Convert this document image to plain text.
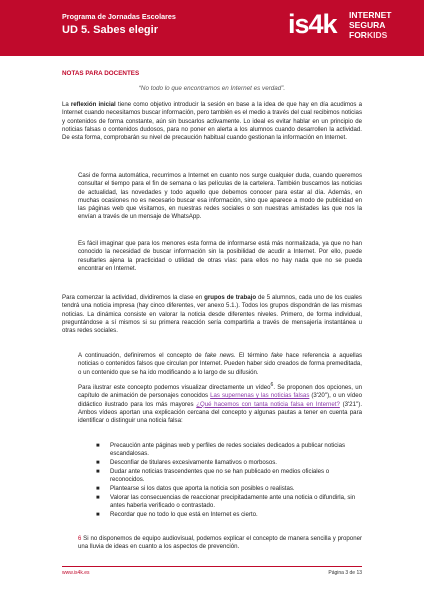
Programa de Jornadas Escolares
UD 5. Sabes elegir	is4k INTERNET
SEGURA
FORKIDS
NOTAS PARA DOCENTES
“No todo lo que encontramos en Internet es verdad”.
La reflexión inicial tiene como objetivo introducir la sesión en base a la idea de que hay en día acudimos a Internet cuando necesitamos buscar información, pero también es el medio a través del cual recibimos noticias y contenidos de forma constante, aún sin buscarlos activamente. Lo ideal es evitar hablar en un principio de noticias falsas o contenidos dudosos, para no poner en alerta a los alumnos cuando desarrollen la actividad. De esta forma, comprobarán su nivel de precaución habitual cuando gestionan la información en Internet.
Casi de forma automática, recurrimos a Internet en cuanto nos surge cualquier duda, cuando queremos consultar el tiempo para el fin de semana o las películas de la cartelera. También buscamos las noticias de actualidad, las novedades y todo aquello que debemos conocer para estar al día. Además, en muchas ocasiones no es necesario buscar esa información, sino que aparece a modo de publicidad en las páginas web que visitamos, en nuestras redes sociales o son nuestras amistades las que nos la envían a través de un mensaje de WhatsApp.
Es fácil imaginar que para los menores esta forma de informarse está más normalizada, ya que no han conocido la necesidad de buscar información sin la posibilidad de acudir a Internet. Por ello, puede resultarles ajena la practicidad o utilidad de otras vías: para ellos no hay nada que no se pueda encontrar en Internet.
Para comenzar la actividad, dividiremos la clase en grupos de trabajo de 5 alumnos, cada uno de los cuales tendrá una noticia impresa (hay cinco diferentes, ver anexo 5.1.). Todos los grupos dispondrán de las mismas noticias. La dinámica consiste en valorar la noticia desde diferentes niveles. Primero, de forma individual, preguntándose a sí mismos si su primera reacción sería compartirla a través de mensajería instantánea u otras redes sociales.
A continuación, definiremos el concepto de fake news. El término fake hace referencia a aquellas noticias o contenidos falsos que circulan por Internet. Pueden haber sido creados de forma premeditada, o un contenido que se ha ido modificando a lo largo de su difusión.
Para ilustrar este concepto podemos visualizar directamente un vídeo$^6$. Se proponen dos opciones, un capítulo de animación de personajes conocidos Las supernenas y las noticias falsas (3'20''), o un vídeo didáctico ilustrado para los más mayores ¿Qué hacemos con tanta noticia falsa en Internet? (3'21''). Ambos vídeos aportan una explicación cercana del concepto y algunas pautas a tener en cuenta para identificar o distinguir una noticia falsa:
■ Precaución ante páginas web y perfiles de redes sociales dedicados a publicar noticias escandalosas.
■ Desconfiar de titulares excesivamente llamativos o morbosos.
■ Dudar ante noticias trascendentes que no se han publicado en medios oficiales o reconocidos.
■ Plantearse si los datos que aporta la noticia son posibles o realistas.
■ Valorar las consecuencias de reaccionar precipitadamente ante una noticia o difundirla, sin antes haberla verificado o contrastado.
■ Recordar que no todo lo que está en Internet es cierto.
$^6$ Si no disponemos de equipo audiovisual, podemos explicar el concepto de manera sencilla y proponer una lluvia de ideas en cuanto a los aspectos de prevención.
www.is4k.es	Página 3 de 13
